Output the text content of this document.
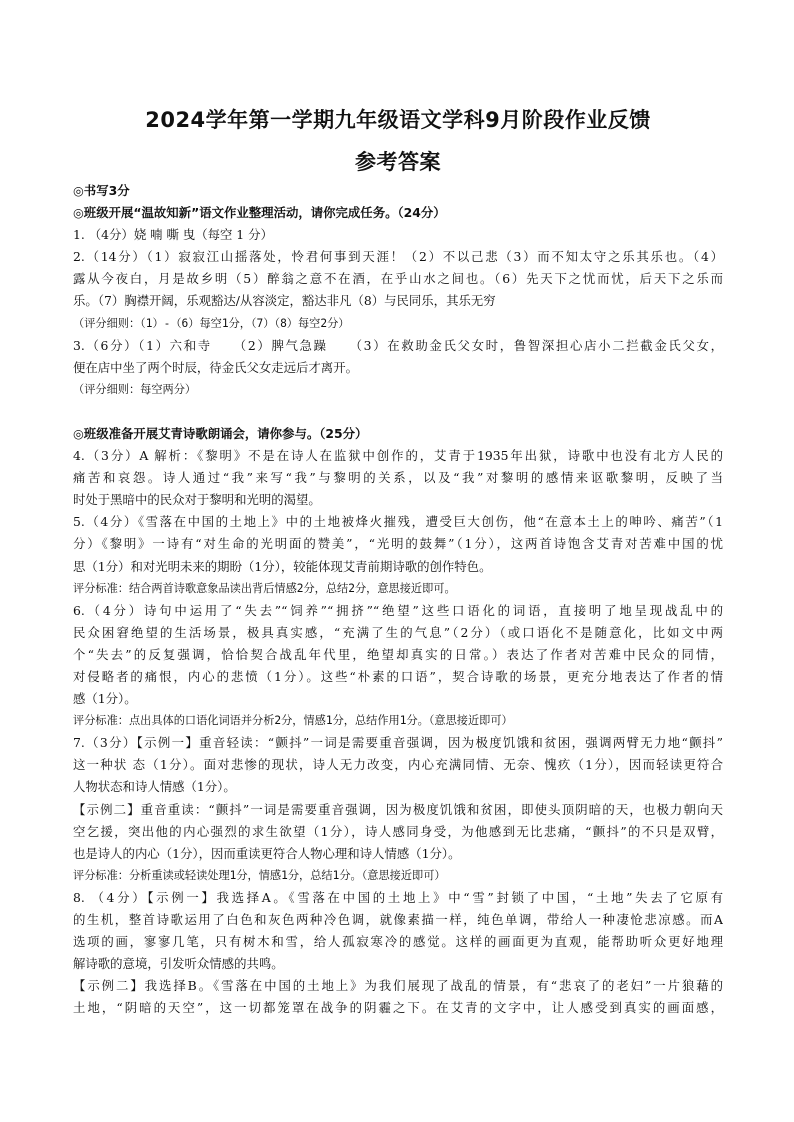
2024学年第一学期九年级语文学科9月阶段作业反馈
参考答案
◎书写3分
◎班级开展“温故知新”语文作业整理活动，请你完成任务。（24分）
1. （4分）娆 喃 嘶 曳（每空 1 分）
2.（14分）（1）寂寂江山摇落处，怜君何事到天涯！（2）不以己悲（3）而不知太守之乐其乐也。（4）
露从今夜白，月是故乡明（5）醉翁之意不在酒，在乎山水之间也。（6）先天下之忧而忧，后天下之乐而
乐。（7）胸襟开阔，乐观豁达/从容淡定，豁达非凡（8）与民同乐，其乐无穷
（评分细则：（1）-（6）每空1分，（7）（8）每空2分）
3.（6分）（1）六和寺　　（2）脾气急躁　　（3）在救助金氏父女时，鲁智深担心店小二拦截金氏父女，
便在店中坐了两个时辰，待金氏父女走远后才离开。
（评分细则：每空两分）
◎班级准备开展艾青诗歌朗诵会，请你参与。（25分）
4.（3分）A 解析：《黎明》不是在诗人在监狱中创作的，艾青于1935年出狱，诗歌中也没有北方人民的
痛苦和哀怨。诗人通过“我”来写“我”与黎明的关系，以及“我”对黎明的感情来讴歌黎明，反映了当
时处于黑暗中的民众对于黎明和光明的渴望。
5.（4分）《雪落在中国的土地上》中的土地被烽火摧残，遭受巨大创伤，他“在意本土上的呻吟、痛苦”（1
分）《黎明》一诗有“对生命的光明面的赞美”，“光明的鼓舞”（1分），这两首诗饱含艾青对苦难中国的忧
思（1分）和对光明未来的期盼（1分），较能体现艾青前期诗歌的创作特色。
评分标准：结合两首诗歌意象品读出背后情感2分，总结2分，意思接近即可。
6.（4分）诗句中运用了“失去”“饲养”“拥挤”“绝望”这些口语化的词语，直接明了地呈现战乱中的
民众困窘绝望的生活场景，极具真实感，“充满了生的气息”（2分）（或口语化不是随意化，比如文中两
个“失去”的反复强调，恰恰契合战乱年代里，绝望却真实的日常。）表达了作者对苦难中民众的同情，
对侵略者的痛恨，内心的悲愤（1分）。这些“朴素的口语”，契合诗歌的场景，更充分地表达了作者的情
感（1分）。
评分标准：点出具体的口语化词语并分析2分，情感1分，总结作用1分。（意思接近即可）
7.（3分）【示例一】重音轻读：“颤抖”一词是需要重音强调，因为极度饥饿和贫困，强调两臂无力地“颤抖”
这一种状 态（1分）。面对悲惨的现状，诗人无力改变，内心充满同情、无奈、愧疚（1分），因而轻读更符合
人物状态和诗人情感（1分）。
【示例二】重音重读：“颤抖”一词是需要重音强调，因为极度饥饿和贫困，即使头顶阴暗的天，也极力朝向天
空乞援，突出他的内心强烈的求生欲望（1分），诗人感同身受，为他感到无比悲痛，“颤抖”的不只是双臂，
也是诗人的内心（1分），因而重读更符合人物心理和诗人情感（1分）。
评分标准：分析重读或轻读处理1分，情感1分，总结1分。（意思接近即可）
8. （4分）【示例一】我选择A。《雪落在中国的土地上》中“雪”封锁了中国，“土地”失去了它原有
的生机，整首诗歌运用了白色和灰色两种冷色调，就像素描一样，纯色单调，带给人一种凄怆悲凉感。而A
选项的画，寥寥几笔，只有树木和雪，给人孤寂寒冷的感觉。这样的画面更为直观，能帮助听众更好地理
解诗歌的意境，引发听众情感的共鸣。
【示例二】我选择B。《雪落在中国的土地上》为我们展现了战乱的情景，有“悲哀了的老妇”一片狼藉的
土地，“阴暗的天空”，这一切都笼罩在战争的阴霾之下。在艾青的文字中，让人感受到真实的画面感，
